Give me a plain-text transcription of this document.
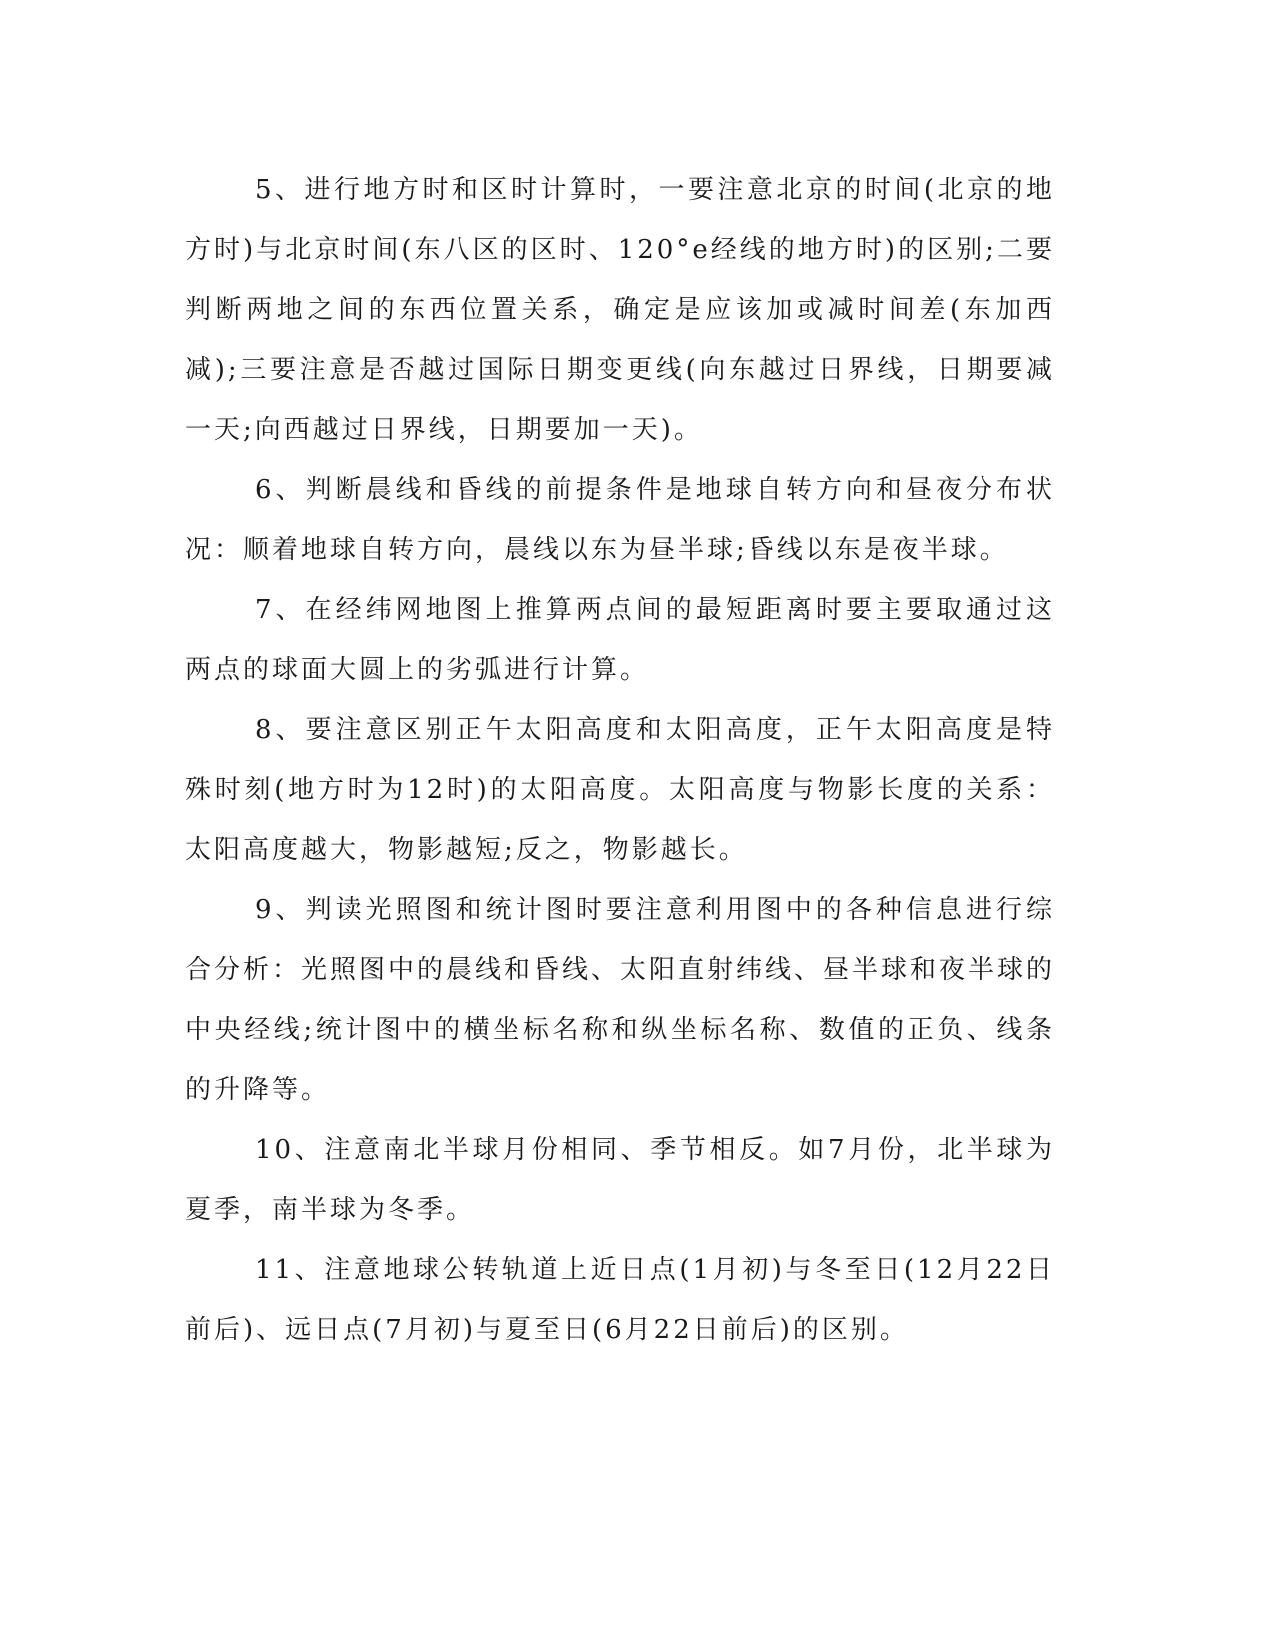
5、进行地方时和区时计算时，一要注意北京的时间(北京的地方时)与北京时间(东八区的区时、120°e经线的地方时)的区别;二要判断两地之间的东西位置关系，确定是应该加或减时间差(东加西减);三要注意是否越过国际日期变更线(向东越过日界线，日期要减一天;向西越过日界线，日期要加一天)。

6、判断晨线和昏线的前提条件是地球自转方向和昼夜分布状况：顺着地球自转方向，晨线以东为昼半球;昏线以东是夜半球。

7、在经纬网地图上推算两点间的最短距离时要主要取通过这两点的球面大圆上的劣弧进行计算。

8、要注意区别正午太阳高度和太阳高度，正午太阳高度是特殊时刻(地方时为12时)的太阳高度。太阳高度与物影长度的关系：太阳高度越大，物影越短;反之，物影越长。

9、判读光照图和统计图时要注意利用图中的各种信息进行综合分析：光照图中的晨线和昏线、太阳直射纬线、昼半球和夜半球的中央经线;统计图中的横坐标名称和纵坐标名称、数值的正负、线条的升降等。

10、注意南北半球月份相同、季节相反。如7月份，北半球为夏季，南半球为冬季。

11、注意地球公转轨道上近日点(1月初)与冬至日(12月22日前后)、远日点(7月初)与夏至日(6月22日前后)的区别。
